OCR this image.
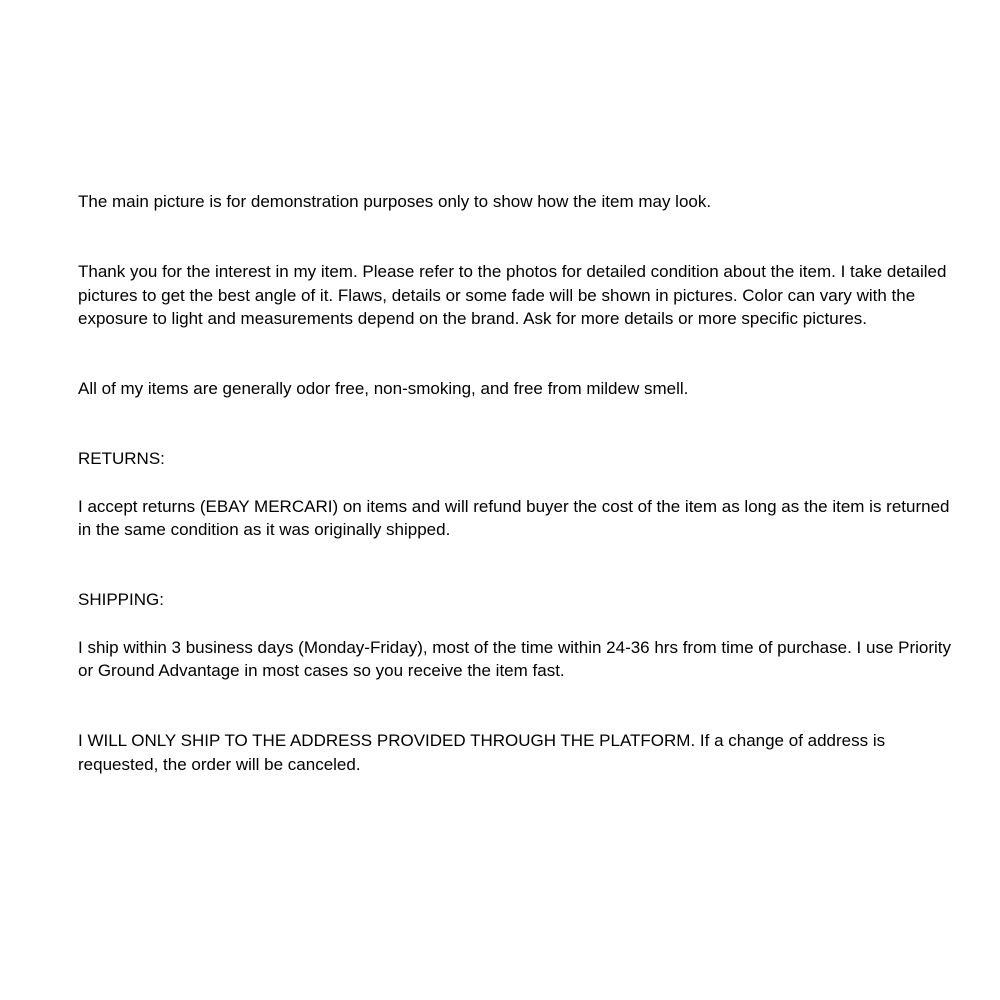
The main picture is for demonstration purposes only to show how the item may look.

Thank you for the interest in my item. Please refer to the photos for detailed condition about the item. I take detailed pictures to get the best angle of it. Flaws, details or some fade will be shown in pictures. Color can vary with the exposure to light and measurements depend on the brand. Ask for more details or more specific pictures.

All of my items are generally odor free, non-smoking, and free from mildew smell.

RETURNS:

I accept returns (EBAY MERCARI) on items and will refund buyer the cost of the item as long as the item is returned in the same condition as it was originally shipped.

SHIPPING:

I ship within 3 business days (Monday-Friday), most of the time within 24-36 hrs from time of purchase. I use Priority or Ground Advantage in most cases so you receive the item fast.

I WILL ONLY SHIP TO THE ADDRESS PROVIDED THROUGH THE PLATFORM. If a change of address is requested, the order will be canceled.
